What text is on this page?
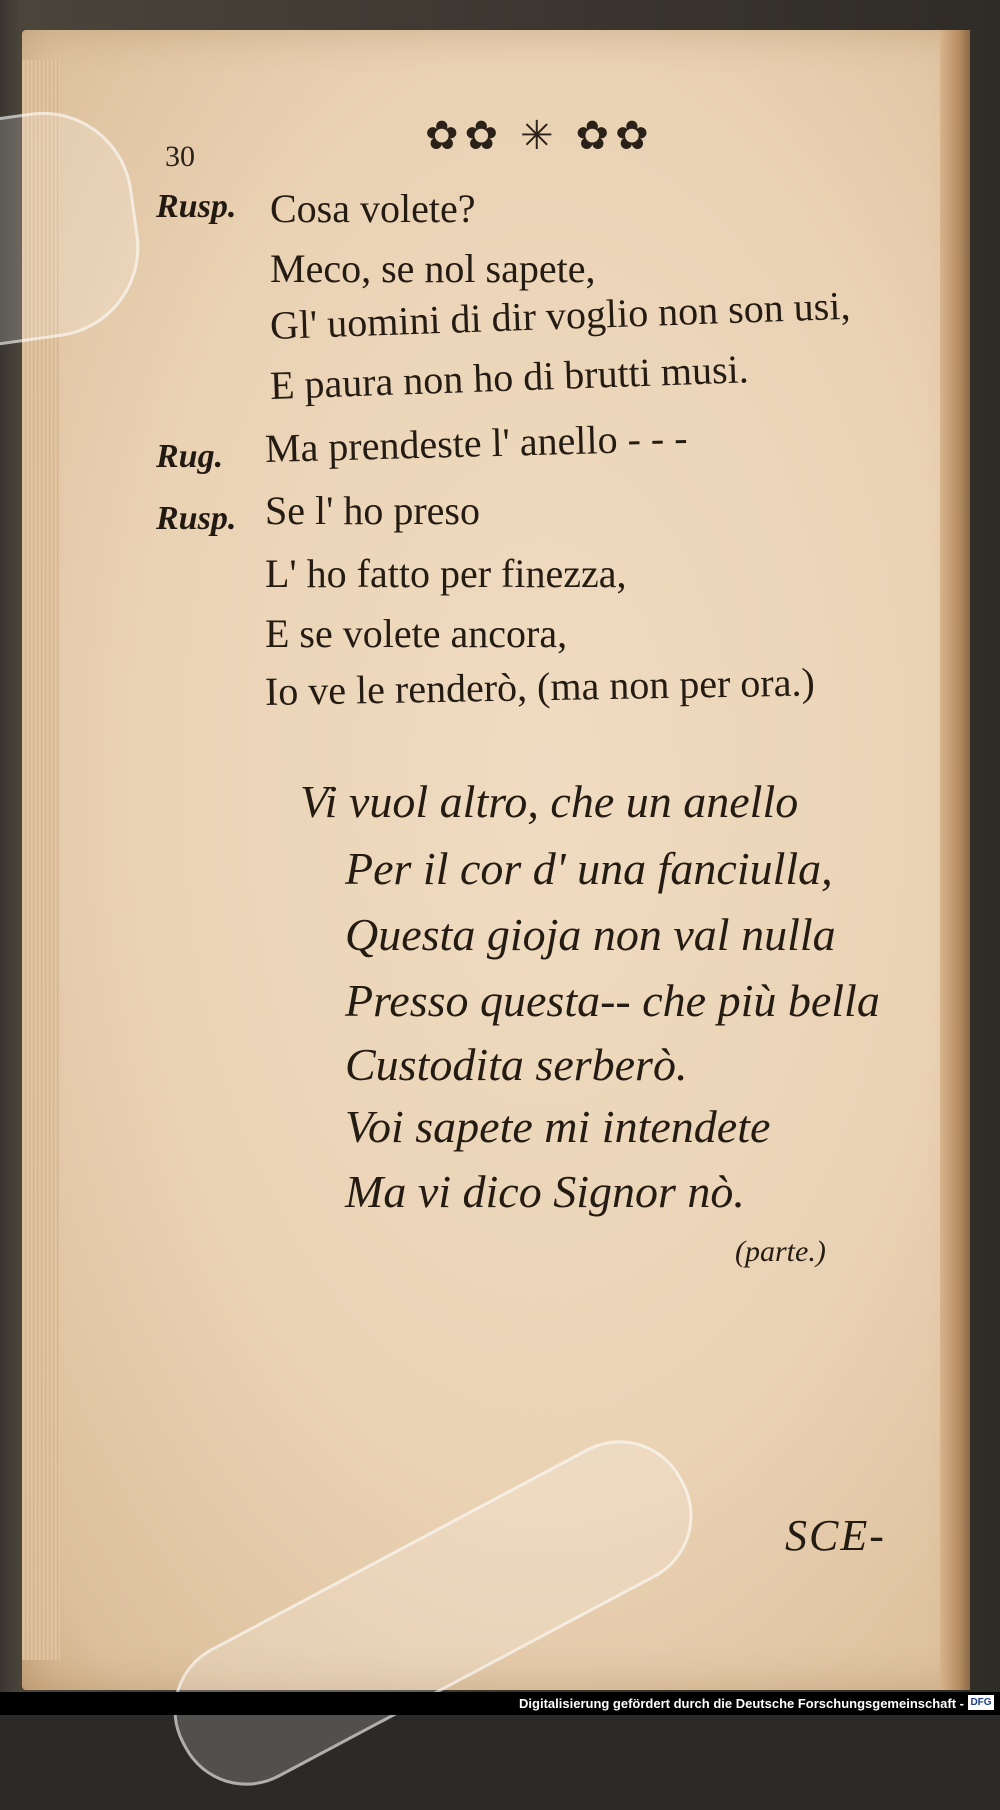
30	✿✿ ✳ ✿✿
Rusp. Cosa volete?
Meco, se nol sapete,
Gl' uomini di dir voglio non son usi,
E paura non ho di brutti musi.
Rug. Ma prendeste l' anello - - -
Rusp. Se l' ho preso
L' ho fatto per finezza,
E se volete ancora,
Io ve le renderò, (ma non per ora.)
Vi vuol altro, che un anello
Per il cor d' una fanciulla,
Questa gioja non val nulla
Presso questa-- che più bella
Custodita serberò.
Voi sapete mi intendete
Ma vi dico Signor nò.
(parte.)
SCE-
Digitalisierung gefördert durch die Deutsche Forschungsgemeinschaft - DFG
